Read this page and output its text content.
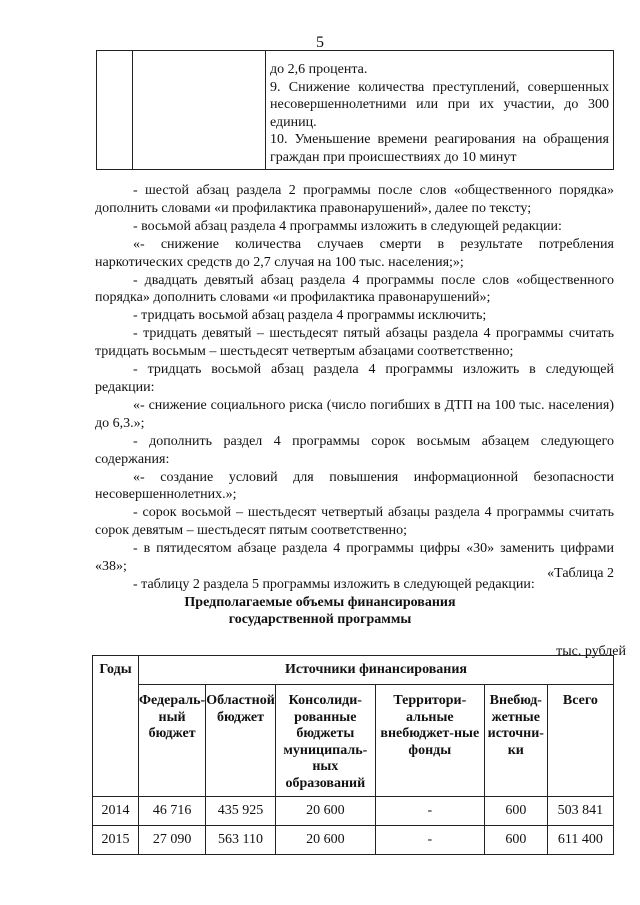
5

до 2,6 процента.

9. Снижение количества преступлений, совершенных несовершеннолетними или при их участии, до 300 единиц.

10. Уменьшение времени реагирования на обращения граждан при происшествиях до 10 минут

- шестой абзац раздела 2 программы после слов «общественного порядка» дополнить словами «и профилактика правонарушений», далее по тексту;

- восьмой абзац раздела 4 программы изложить в следующей редакции:

«- снижение количества случаев смерти в результате потребления наркотических средств до 2,7 случая на 100 тыс. населения;»;

- двадцать девятый абзац раздела 4 программы после слов «общественного порядка» дополнить словами «и профилактика правонарушений»;

- тридцать восьмой абзац раздела 4 программы исключить;

- тридцать девятый – шестьдесят пятый абзацы раздела 4 программы считать тридцать восьмым – шестьдесят четвертым абзацами соответственно;

- тридцать восьмой абзац раздела 4 программы изложить в следующей редакции:

«- снижение социального риска (число погибших в ДТП на 100 тыс. населения) до 6,3.»;

- дополнить раздел 4 программы сорок восьмым абзацем следующего содержания:

«- создание условий для повышения информационной безопасности несовершеннолетних.»;

- сорок восьмой – шестьдесят четвертый абзацы раздела 4 программы считать сорок девятым – шестьдесят пятым соответственно;

- в пятидесятом абзаце раздела 4 программы цифры «30» заменить цифрами «38»;

- таблицу 2 раздела 5 программы изложить в следующей редакции:

«Таблица 2
Предполагаемые объемы финансирования
государственной программы
тыс. рублей
Годы	Источники финансирования					
	Федераль-ный бюджет	Областной бюджет	Консолиди-рованные бюджеты муниципаль-ных образований	Территори-альные внебюджет-ные фонды	Внебюд-жетные источни-ки	Всего
2014	46 716	435 925	20 600	-	600	503 841
2015	27 090	563 110	20 600	-	600	611 400
